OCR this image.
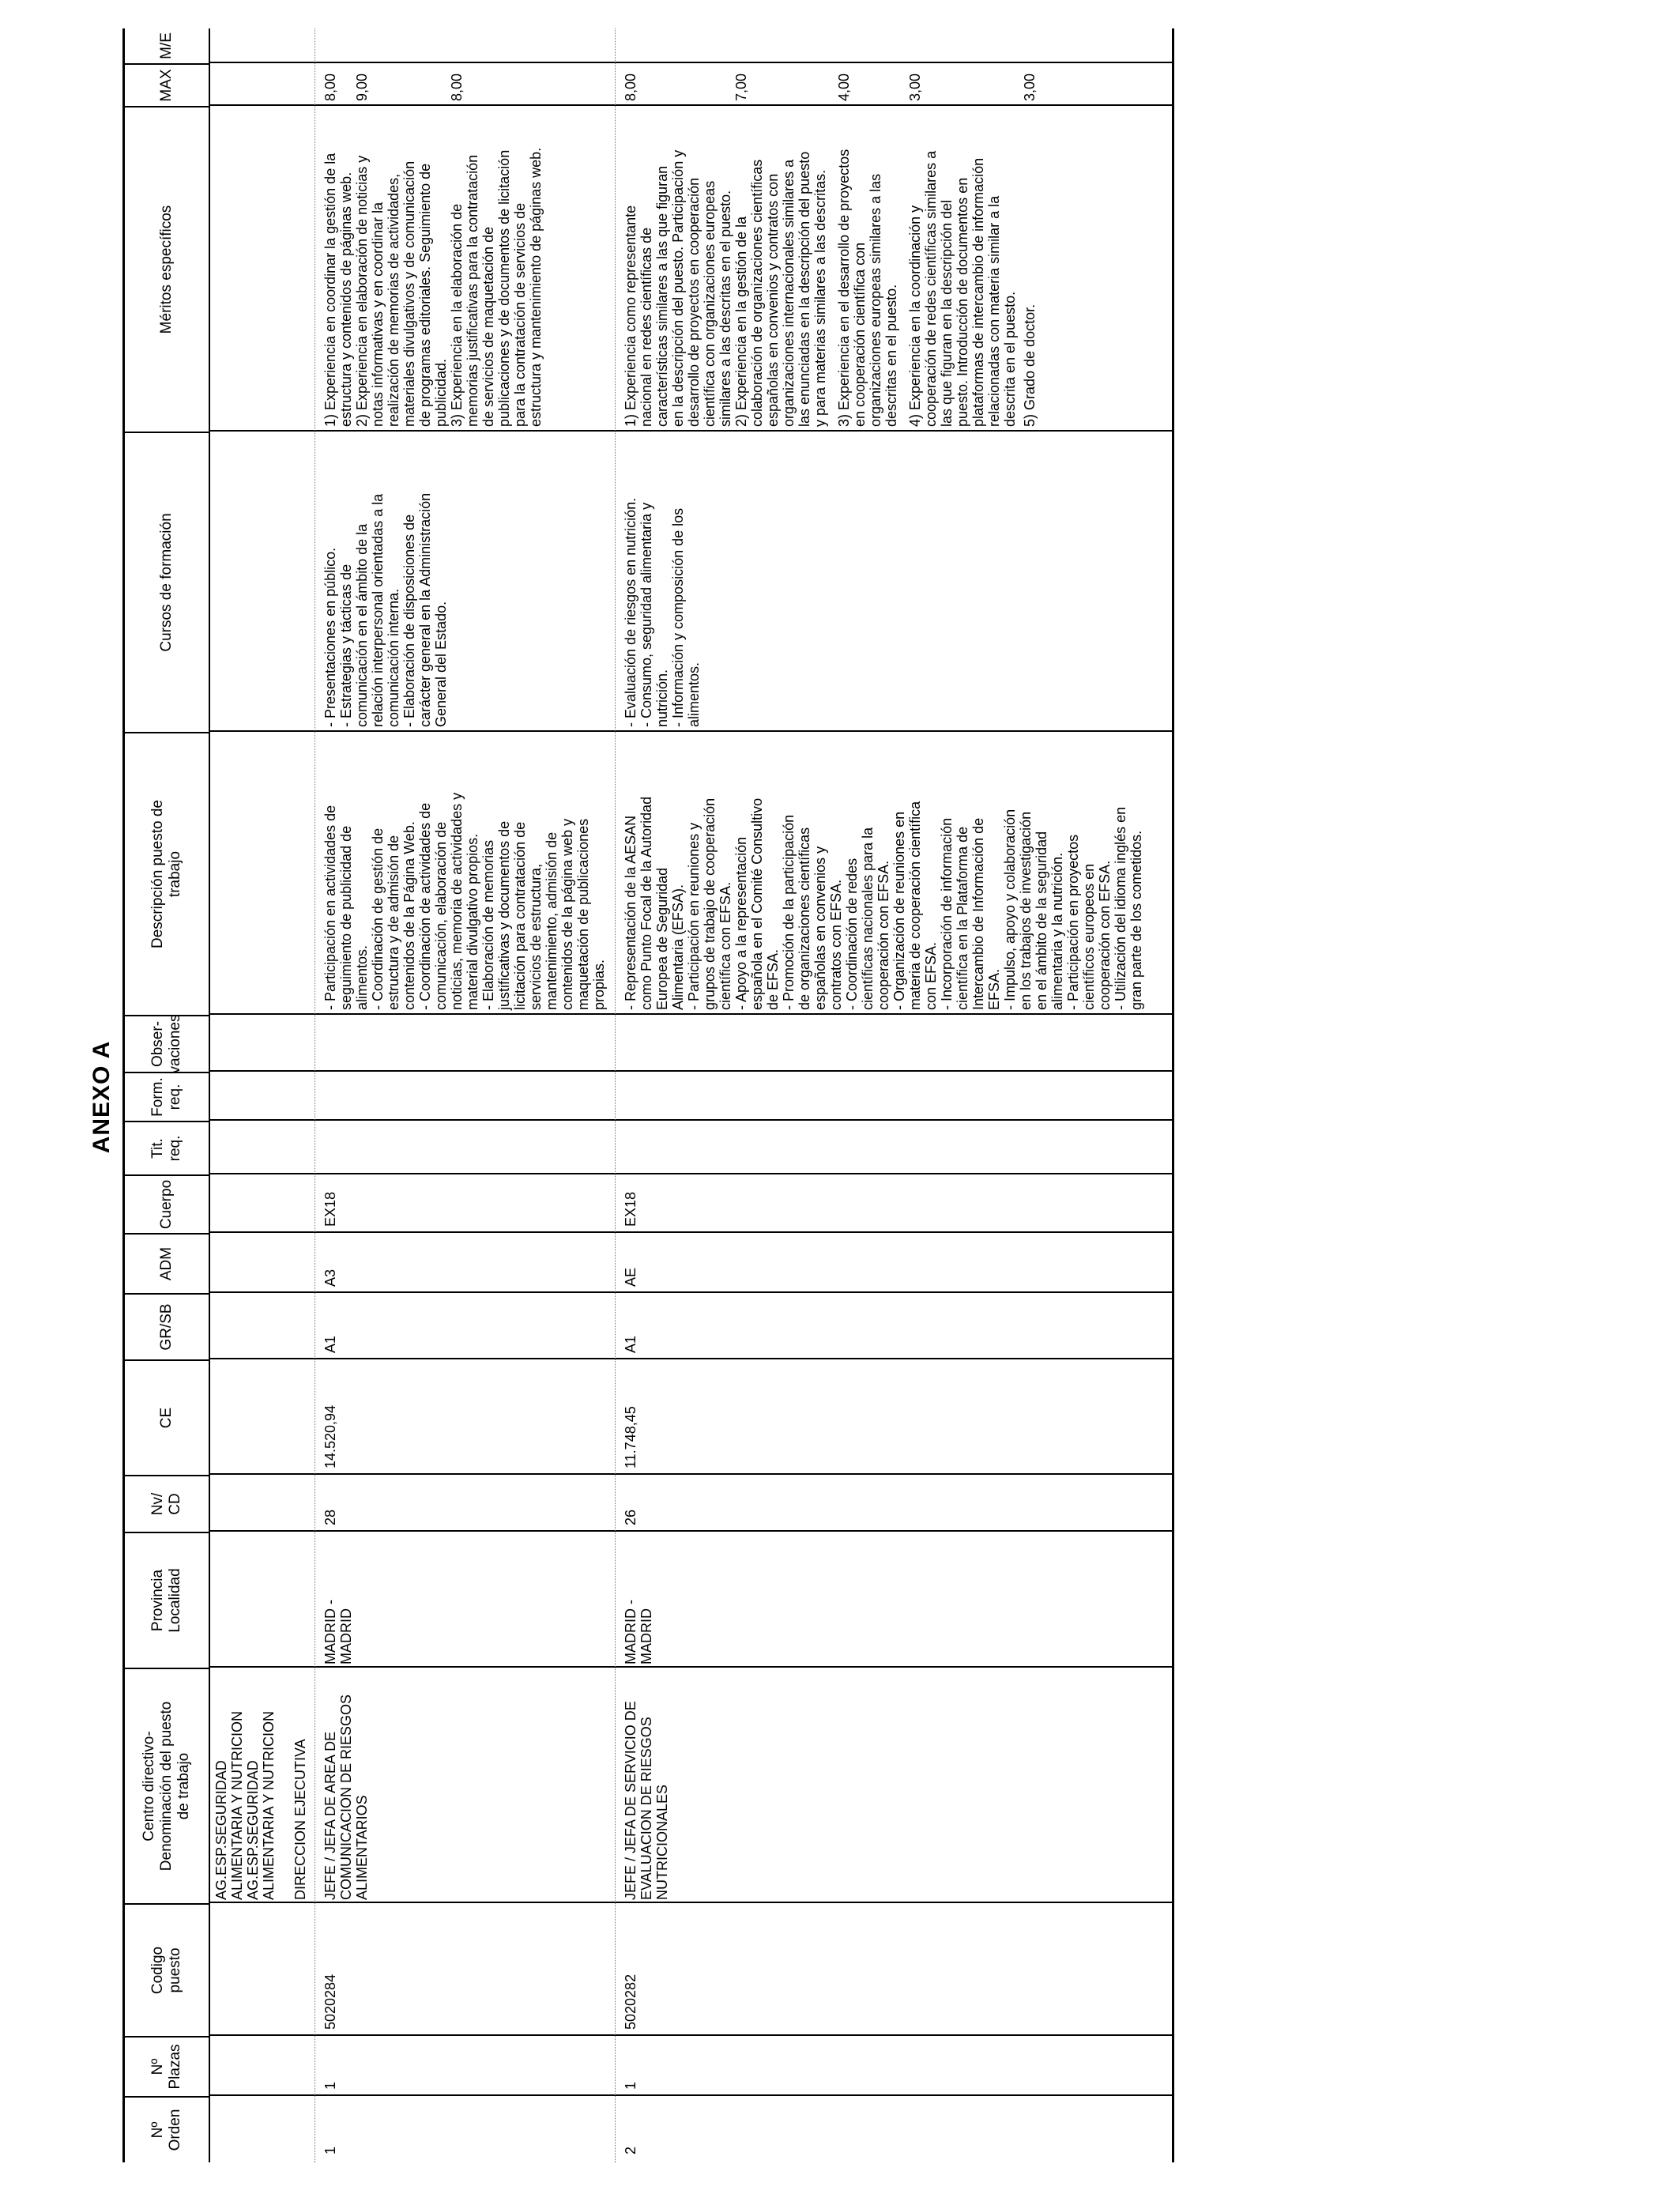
ANEXO A
Nº
Orden
Nº
Plazas
Codigo
puesto
Centro directivo-
Denominación del puesto
de trabajo
Provincia
Localidad
Nv/
CD
CE
GR/SB
ADM
Cuerpo
Tit.
req.
Form.
req.
Obser-
vaciones
Descripción puesto de
trabajo
Cursos de formación
Méritos específicos
MAX
M/E
AG.ESP.SEGURIDAD
ALIMENTARIA Y NUTRICION
AG.ESP.SEGURIDAD
ALIMENTARIA Y NUTRICION

DIRECCION EJECUTIVA
1
1
5020284
JEFE / JEFA DE AREA DE
COMUNICACION DE RIESGOS
ALIMENTARIOS
MADRID -
MADRID
28
14.520,94
A1
A3
EX18
- Participación en actividades de
seguimiento de publicidad de
alimentos.
- Coordinación de gestión de
estructura y de admisión de
contenidos de la Página Web.
- Coordinación de actividades de
comunicación, elaboración de
noticias, memoria de actividades y
material divulgativo propios.
- Elaboración de memorias
justificativas y documentos de
licitación para contratación de
servicios de estructura,
mantenimiento, admisión de
contenidos de la página web y
maquetación de publicaciones
propias.
- Presentaciones en público.
- Estrategias y tácticas de
comunicación en el ámbito de la
relación interpersonal orientadas a la
comunicación interna.
- Elaboración de disposiciones de
carácter general en la Administración
General del Estado.
1) Experiencia en coordinar la gestión de la
estructura y contenidos de páginas web.
8,00
2) Experiencia en elaboración de noticias y
notas informativas y en coordinar la
realización de memorias de actividades,
materiales divulgativos y de comunicación
de programas editoriales. Seguimiento de
publicidad.
9,00
3) Experiencia en la elaboración de
memorias justificativas para la contratación
de servicios de maquetación de
publicaciones y de documentos de licitación
para la contratación de servicios de
estructura y mantenimiento de páginas web.
8,00
2
1
5020282
JEFE / JEFA DE SERVICIO DE
EVALUACION DE RIESGOS
NUTRICIONALES
MADRID -
MADRID
26
11.748,45
A1
AE
EX18
- Representación de la AESAN
como Punto Focal de la Autoridad
Europea de Seguridad
Alimentaria (EFSA).
- Participación en reuniones y
grupos de trabajo de cooperación
científica con EFSA.
- Apoyo a la representación
española en el Comité Consultivo
de EFSA.
- Promoción de la participación
de organizaciones científicas
españolas en convenios y
contratos con EFSA.
- Coordinación de redes
científicas nacionales para la
cooperación con EFSA.
- Organización de reuniones en
materia de cooperación científica
con EFSA.
- Incorporación de información
científica en la Plataforma de
Intercambio de Información de
EFSA.
- Impulso, apoyo y colaboración
en los trabajos de investigación
en el ámbito de la seguridad
alimentaria y la nutrición.
- Participación en proyectos
científicos europeos en
cooperación con EFSA.
- Utilización del idioma inglés en
gran parte de los cometidos.
- Evaluación de riesgos en nutrición.
- Consumo, seguridad alimentaria y
nutrición.
- Información y composición de los
alimentos.
1) Experiencia como representante
nacional en redes científicas de
características similares a las que figuran
en la descripción del puesto. Participación y
desarrollo de proyectos en cooperación
científica con organizaciones europeas
similares a las descritas en el puesto.
8,00
2) Experiencia en la gestión de la
colaboración de organizaciones científicas
españolas en convenios y contratos con
organizaciones internacionales similares a
las enunciadas en la descripción del puesto
y para materias similares a las descritas.
7,00
3) Experiencia en el desarrollo de proyectos
en cooperación científica con
organizaciones europeas similares a las
descritas en el puesto.
4,00
4) Experiencia en la coordinación y
cooperación de redes científicas similares a
las que figuran en la descripción del
puesto. Introducción de documentos en
plataformas de intercambio de información
relacionadas con materia similar a la
descrita en el puesto.
3,00
5) Grado de doctor.
3,00
